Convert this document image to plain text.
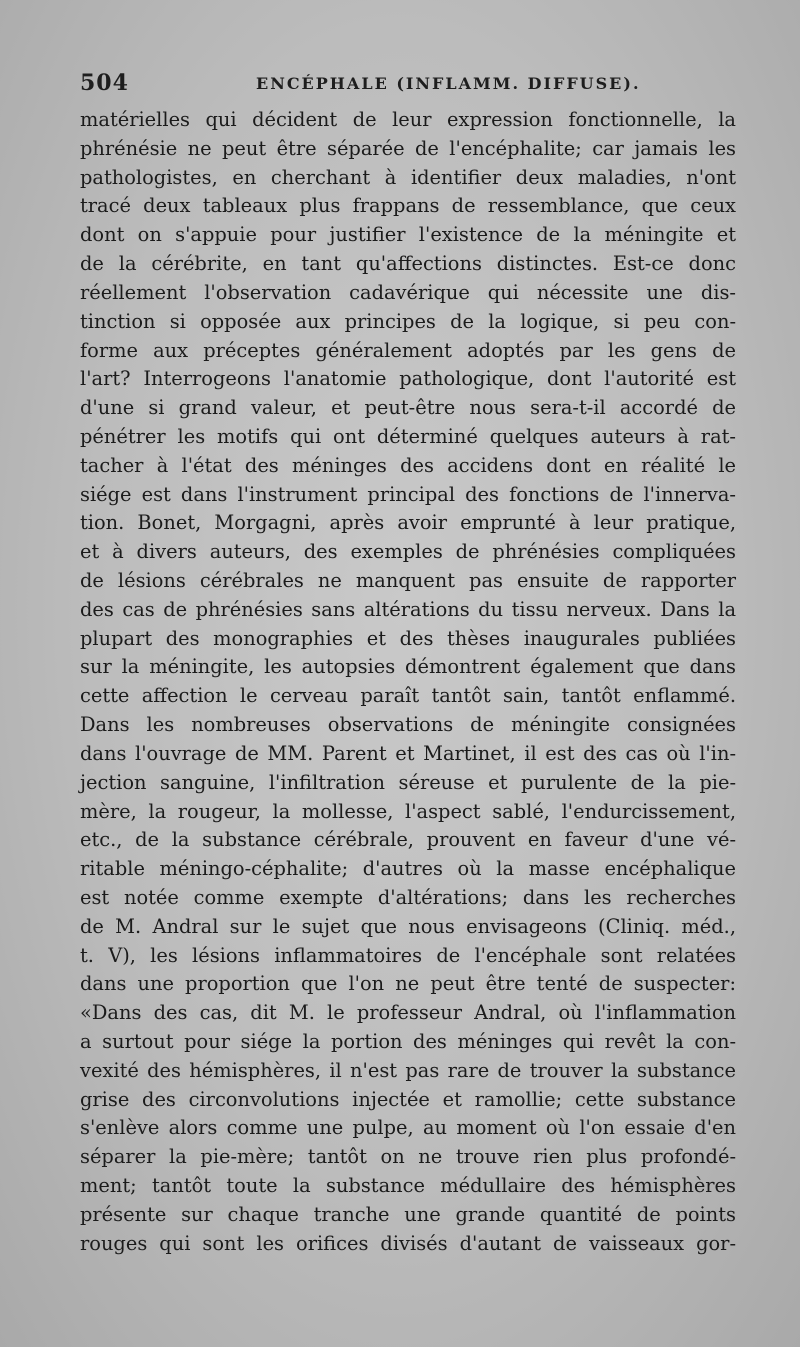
504	ENCÉPHALE (INFLAMM. DIFFUSE).
matérielles qui décident de leur expression fonctionnelle, la
phrénésie ne peut être séparée de l'encéphalite; car jamais les
pathologistes, en cherchant à identifier deux maladies, n'ont
tracé deux tableaux plus frappans de ressemblance, que ceux
dont on s'appuie pour justifier l'existence de la méningite et
de la cérébrite, en tant qu'affections distinctes. Est-ce donc
réellement l'observation cadavérique qui nécessite une dis-
tinction si opposée aux principes de la logique, si peu con-
forme aux préceptes généralement adoptés par les gens de
l'art? Interrogeons l'anatomie pathologique, dont l'autorité est
d'une si grand valeur, et peut-être nous sera-t-il accordé de
pénétrer les motifs qui ont déterminé quelques auteurs à rat-
tacher à l'état des méninges des accidens dont en réalité le
siége est dans l'instrument principal des fonctions de l'innerva-
tion. Bonet, Morgagni, après avoir emprunté à leur pratique,
et à divers auteurs, des exemples de phrénésies compliquées
de lésions cérébrales ne manquent pas ensuite de rapporter
des cas de phrénésies sans altérations du tissu nerveux. Dans la
plupart des monographies et des thèses inaugurales publiées
sur la méningite, les autopsies démontrent également que dans
cette affection le cerveau paraît tantôt sain, tantôt enflammé.
Dans les nombreuses observations de méningite consignées
dans l'ouvrage de MM. Parent et Martinet, il est des cas où l'in-
jection sanguine, l'infiltration séreuse et purulente de la pie-
mère, la rougeur, la mollesse, l'aspect sablé, l'endurcissement,
etc., de la substance cérébrale, prouvent en faveur d'une vé-
ritable méningo-céphalite; d'autres où la masse encéphalique
est notée comme exempte d'altérations; dans les recherches
de M. Andral sur le sujet que nous envisageons (Cliniq. méd.,
t. V), les lésions inflammatoires de l'encéphale sont relatées
dans une proportion que l'on ne peut être tenté de suspecter:
«Dans des cas, dit M. le professeur Andral, où l'inflammation
a surtout pour siége la portion des méninges qui revêt la con-
vexité des hémisphères, il n'est pas rare de trouver la substance
grise des circonvolutions injectée et ramollie; cette substance
s'enlève alors comme une pulpe, au moment où l'on essaie d'en
séparer la pie-mère; tantôt on ne trouve rien plus profondé-
ment; tantôt toute la substance médullaire des hémisphères
présente sur chaque tranche une grande quantité de points
rouges qui sont les orifices divisés d'autant de vaisseaux gor-
